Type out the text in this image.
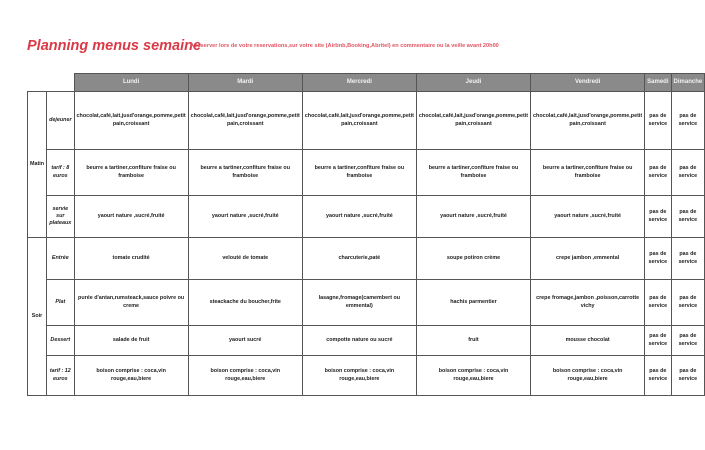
Planning menus semaine
A réserver lors de votre reservations,sur votre site (Airbnb,Booking,Abritel) en commentaire ou la veille avant 20h00
		Lundi	Mardi	Mercredi	Jeudi	Vendredi	Samedi	Dimanche
Matin	dejeuner	chocolat,café,lait,jusd'orange,pomme,petit pain,croissant	chocolat,café,lait,jusd'orange,pomme,petit pain,croissant	chocolat,café,lait,jusd'orange,pomme,petit pain,croissant	chocolat,café,lait,jusd'orange,pomme,petit pain,croissant	chocolat,café,lait,jusd'orange,pomme,petit pain,croissant	pas de service	pas de service
	tarif : 8 euros	beurre a tartiner,confiture fraise ou framboise	beurre a tartiner,confiture fraise ou framboise	beurre a tartiner,confiture fraise ou framboise	beurre a tartiner,confiture fraise ou framboise	beurre a tartiner,confiture fraise ou framboise	pas de service	pas de service
	servie sur plateaux	yaourt nature ,sucré,fruité	yaourt nature ,sucré,fruité	yaourt nature ,sucré,fruité	yaourt nature ,sucré,fruité	yaourt nature ,sucré,fruité	pas de service	pas de service
Soir	Entrée	tomate crudité	velouté de tomate	charcuterie,paté	soupe potiron crème	crepe jambon ,emmental	pas de service	pas de service
	Plat	purée d'antan,rumsteack,sauce poivre ou creme	steackache du boucher,frite	lasagne,fromage(camembert ou emmental)	hachis parmentier	crepe fromage,jambon ,poisson,carrotte vichy	pas de service	pas de service
	Dessert	salade de fruit	yaourt sucré	compotte nature ou sucré	fruit	mousse chocolat	pas de service	pas de service
	tarif : 12 euros	boison comprise : coca,vin rouge,eau,biere	boison comprise : coca,vin rouge,eau,biere	boison comprise : coca,vin rouge,eau,biere	boison comprise : coca,vin rouge,eau,biere	boison comprise : coca,vin rouge,eau,biere	pas de service	pas de service
